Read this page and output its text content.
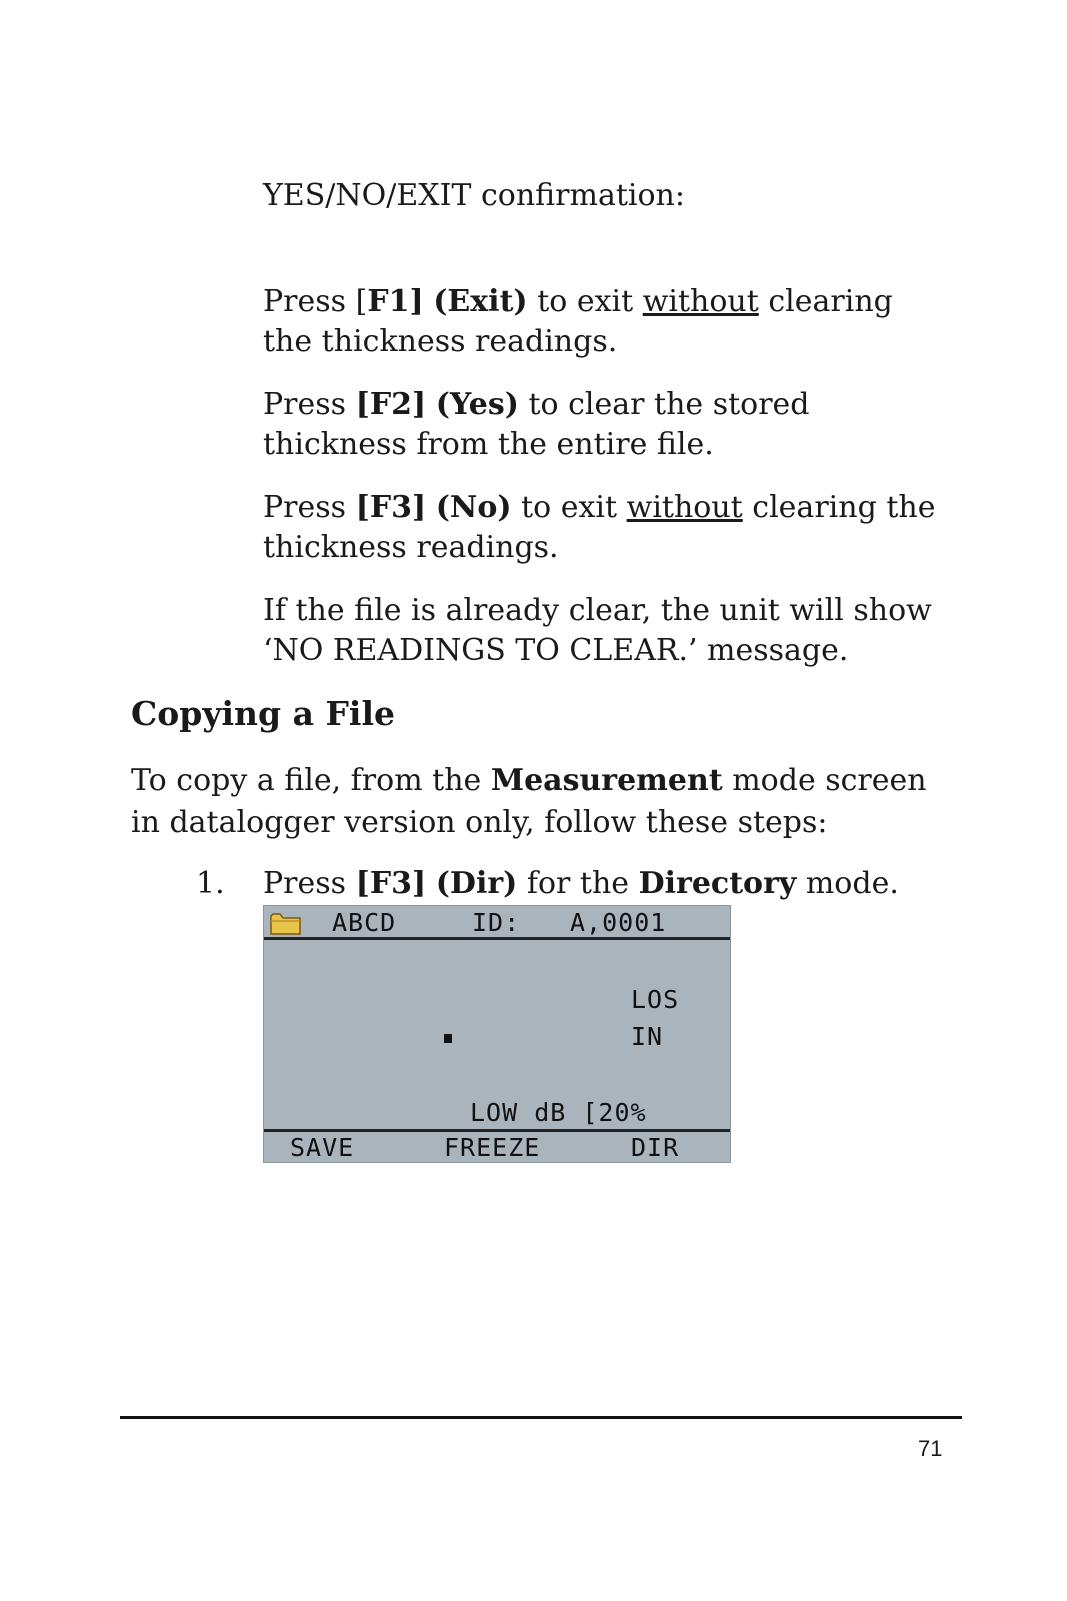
YES/NO/EXIT confirmation:

Press [F1] (Exit) to exit without clearing the thickness readings.

Press [F2] (Yes) to clear the stored thickness from the entire file.

Press [F3] (No) to exit without clearing the thickness readings.

If the file is already clear, the unit will show ‘NO READINGS TO CLEAR.’ message.

Copying a File

To copy a file, from the Measurement mode screen in datalogger version only, follow these steps:

1. Press [F3] (Dir) for the Directory mode.
ABCD	ID: A,0001
LOS
IN
LOW dB [20%
SAVE	FREEZE	DIR
71
